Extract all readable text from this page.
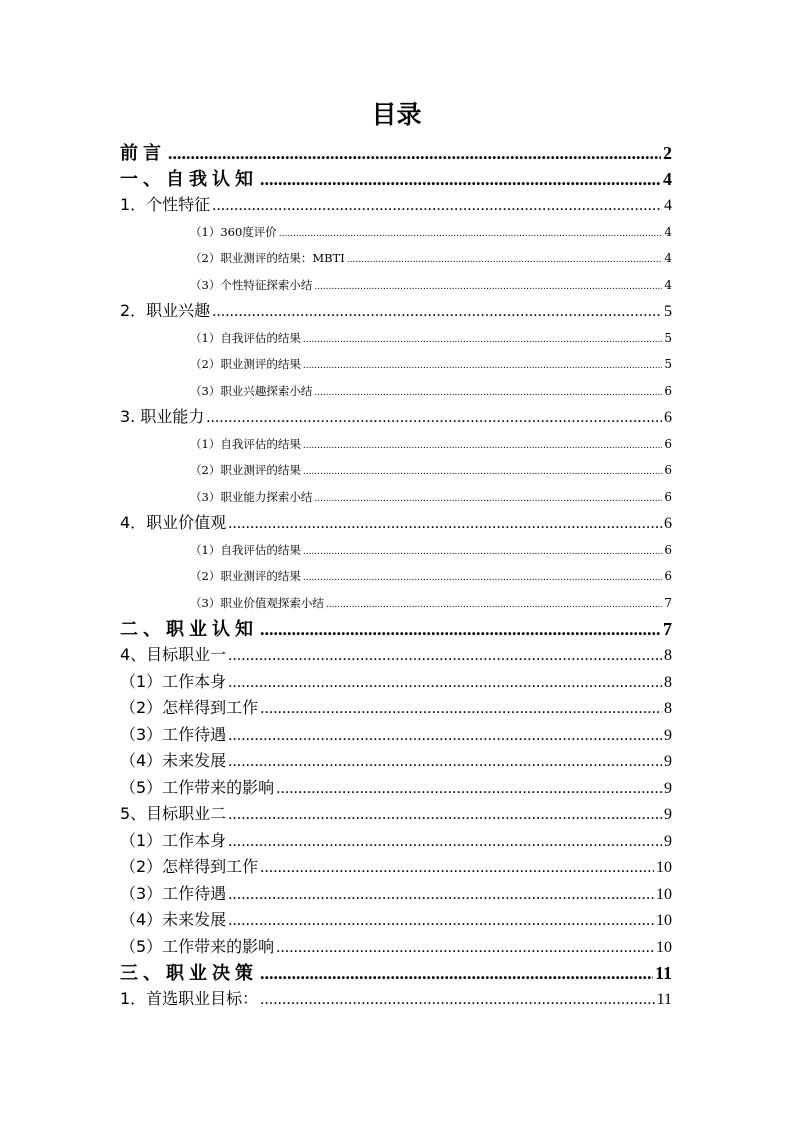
目录
前言 .....	2
一、自我认知 .....	4
1．个性特征 .....	4
（1）360度评价 .....	4
（2）职业测评的结果：MBTI .....	4
（3）个性特征探索小结 .....	4
2．职业兴趣 .....	5
（1）自我评估的结果 .....	5
（2）职业测评的结果 .....	5
（3）职业兴趣探索小结 .....	6
3. 职业能力 .....	6
（1）自我评估的结果 .....	6
（2）职业测评的结果 .....	6
（3）职业能力探索小结 .....	6
4．职业价值观 .....	6
（1）自我评估的结果 .....	6
（2）职业测评的结果 .....	6
（3）职业价值观探索小结 .....	7
二、职业认知 .....	7
4、目标职业一 .....	8
（1）工作本身 .....	8
（2）怎样得到工作 .....	8
（3）工作待遇 .....	9
（4）未来发展 .....	9
（5）工作带来的影响 .....	9
5、目标职业二 .....	9
（1）工作本身 .....	9
（2）怎样得到工作 .....	10
（3）工作待遇 .....	10
（4）未来发展 .....	10
（5）工作带来的影响 .....	10
三、职业决策 .....	11
1．首选职业目标： .....	11
